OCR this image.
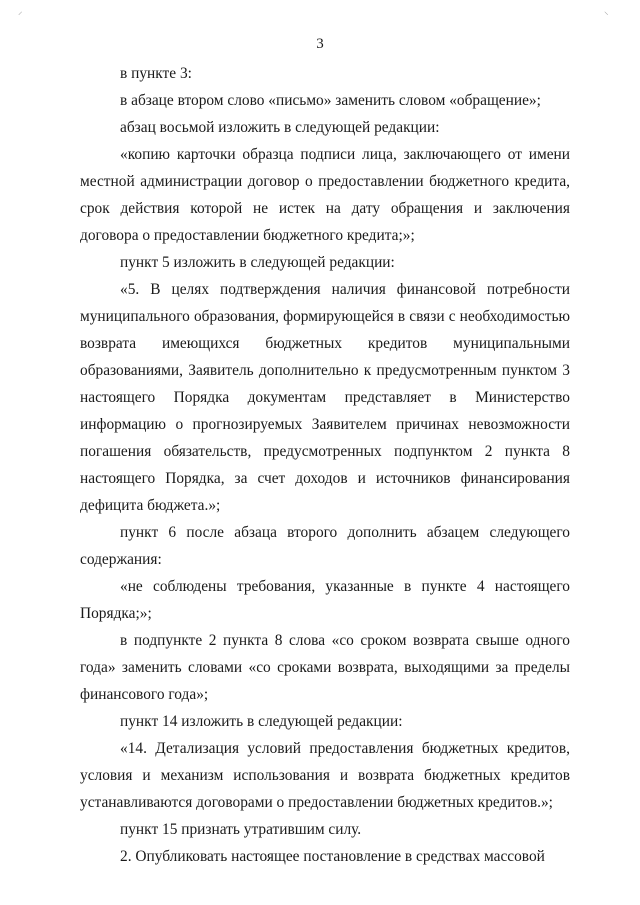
⸍	⸌
3
в пункте 3:
в абзаце втором слово «письмо» заменить словом «обращение»;
абзац восьмой изложить в следующей редакции:
«копию карточки образца подписи лица, заключающего от имени местной администрации договор о предоставлении бюджетного кредита, срок действия которой не истек на дату обращения и заключения договора о предоставлении бюджетного кредита;»;
пункт 5 изложить в следующей редакции:
«5. В целях подтверждения наличия финансовой потребности муниципального образования, формирующейся в связи с необходимостью возврата имеющихся бюджетных кредитов муниципальными образованиями, Заявитель дополнительно к предусмотренным пунктом 3 настоящего Порядка документам представляет в Министерство информацию о прогнозируемых Заявителем причинах невозможности погашения обязательств, предусмотренных подпунктом 2 пункта 8 настоящего Порядка, за счет доходов и источников финансирования дефицита бюджета.»;
пункт 6 после абзаца второго дополнить абзацем следующего содержания:
«не соблюдены требования, указанные в пункте 4 настоящего Порядка;»;
в подпункте 2 пункта 8 слова «со сроком возврата свыше одного года» заменить словами «со сроками возврата, выходящими за пределы финансового года»;
пункт 14 изложить в следующей редакции:
«14. Детализация условий предоставления бюджетных кредитов, условия и механизм использования и возврата бюджетных кредитов устанавливаются договорами о предоставлении бюджетных кредитов.»;
пункт 15 признать утратившим силу.
2. Опубликовать настоящее постановление в средствах массовой
